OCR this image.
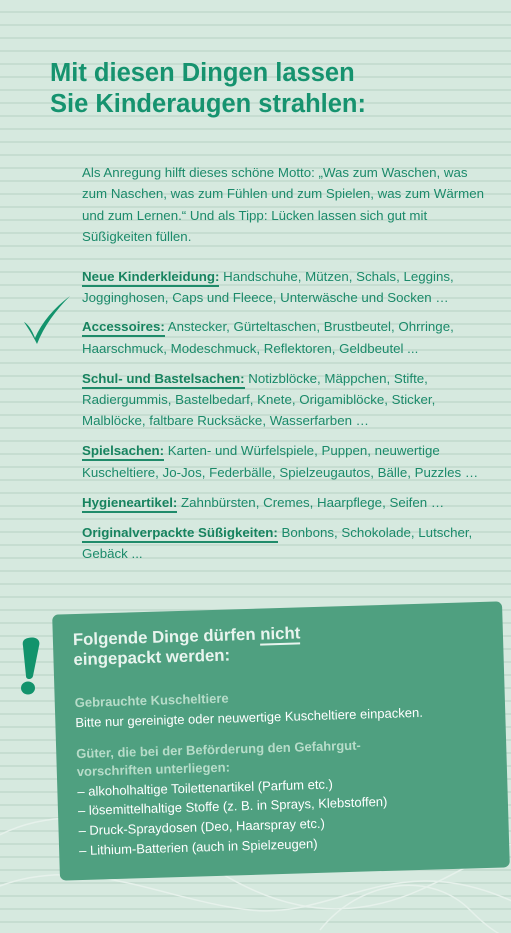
Mit diesen Dingen lassen
Sie Kinderaugen strahlen:

Als Anregung hilft dieses schöne Motto: „Was zum Waschen, was zum Naschen, was zum Fühlen und zum Spielen, was zum Wärmen und zum Lernen.“ Und als Tipp: Lücken lassen sich gut mit Süßigkeiten füllen.

Neue Kinderkleidung: Handschuhe, Mützen, Schals, Leggins, Jogginghosen, Caps und Fleece, Unterwäsche und Socken …

Accessoires: Anstecker, Gürteltaschen, Brustbeutel, Ohrringe, Haarschmuck, Modeschmuck, Reflektoren, Geldbeutel ...

Schul- und Bastelsachen: Notizblöcke, Mäppchen, Stifte, Radiergummis, Bastelbedarf, Knete, Origamiblöcke, Sticker, Malblöcke, faltbare Rucksäcke, Wasserfarben …

Spielsachen: Karten- und Würfelspiele, Puppen, neuwertige Kuscheltiere, Jo-Jos, Federbälle, Spielzeugautos, Bälle, Puzzles …

Hygieneartikel: Zahnbürsten, Cremes, Haarpflege, Seifen …

Originalverpackte Süßigkeiten: Bonbons, Schokolade, Lutscher, Gebäck ...

Folgende Dinge dürfen nicht
eingepackt werden:

Gebrauchte Kuscheltiere

Bitte nur gereinigte oder neuwertige Kuscheltiere einpacken.

Güter, die bei der Beförderung den Gefahrgut-

vorschriften unterliegen:

– alkoholhaltige Toilettenartikel (Parfum etc.)

– lösemittelhaltige Stoffe (z. B. in Sprays, Klebstoffen)

– Druck-Spraydosen (Deo, Haarspray etc.)

– Lithium-Batterien (auch in Spielzeugen)
